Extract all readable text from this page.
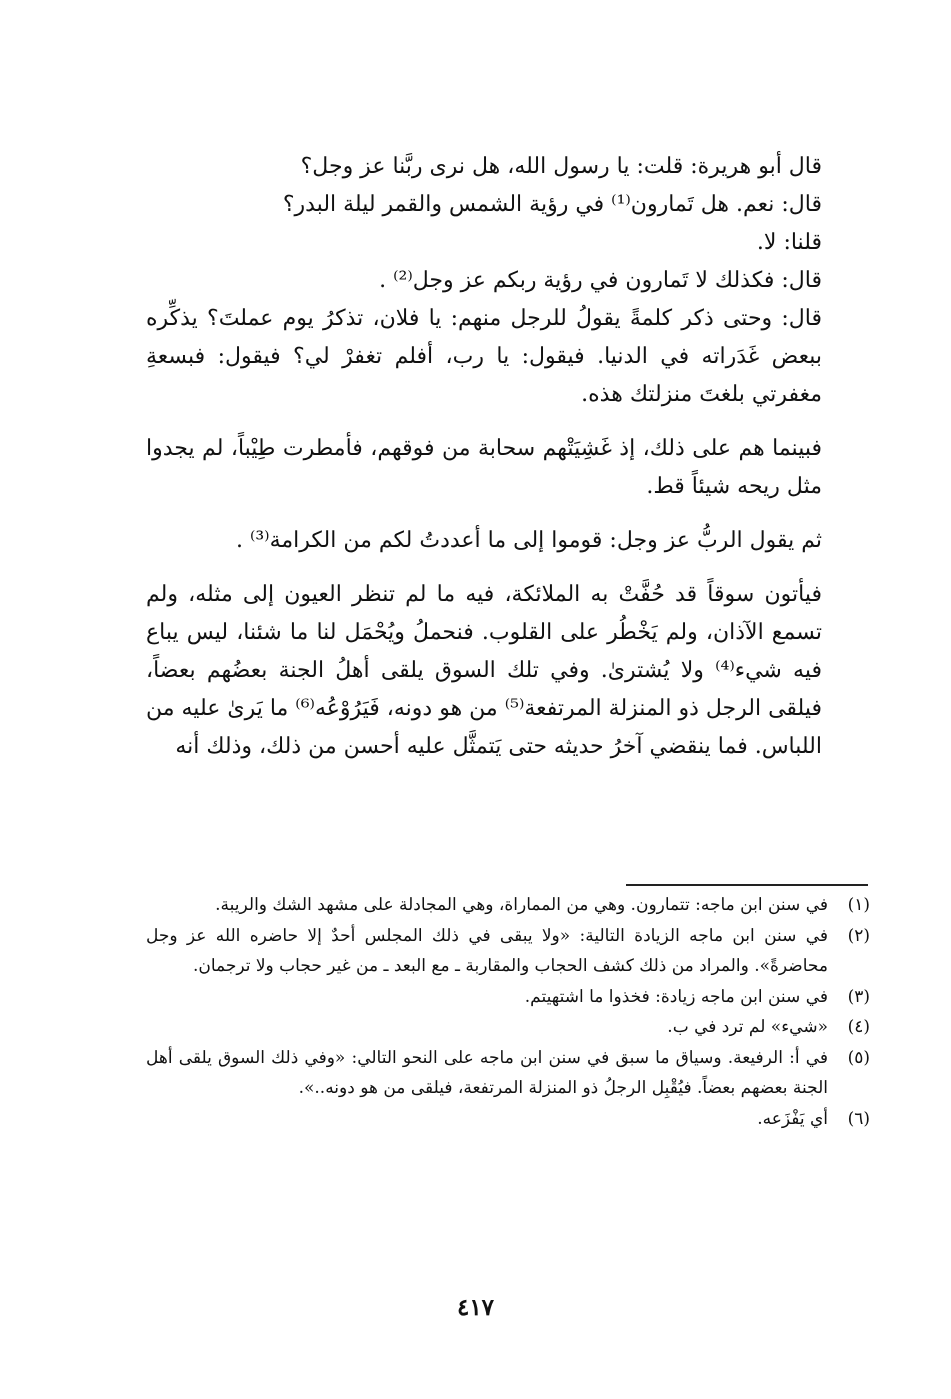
قال أبو هريرة: قلت: يا رسول الله، هل نرى ربَّنا عز وجل؟

قال: نعم. هل تَمارون⁽¹⁾ في رؤية الشمس والقمر ليلة البدر؟

قلنا: لا.

قال: فكذلك لا تَمارون في رؤية ربكم عز وجل⁽²⁾ .

قال: وحتى ذكر كلمةً يقولُ للرجل منهم: يا فلان، تذكرُ يوم عملتَ؟ يذكِّره ببعض غَدَراته في الدنيا. فيقول: يا رب، أفلم تغفرْ لي؟ فيقول: فبسعةِ مغفرتي بلغتَ منزلتك هذه.

فبينما هم على ذلك، إذ غَشِيَتْهم سحابة من فوقهم، فأمطرت طِيْباً، لم يجدوا مثل ريحه شيئاً قط.

ثم يقول الربُّ عز وجل: قوموا إلى ما أعددتُ لكم من الكرامة⁽³⁾ .

فيأتون سوقاً قد حُفَّتْ به الملائكة، فيه ما لم تنظر العيون إلى مثله، ولم تسمع الآذان، ولم يَخْطُر على القلوب. فنحملُ ويُحْمَل لنا ما شئنا، ليس يباع فيه شيء⁽⁴⁾ ولا يُشترىٰ. وفي تلك السوق يلقى أهلُ الجنة بعضُهم بعضاً، فيلقى الرجل ذو المنزلة المرتفعة⁽⁵⁾ من هو دونه، فَيَرُوْعُه⁽⁶⁾ ما يَرىٰ عليه من اللباس. فما ينقضي آخرُ حديثه حتى يَتمثَّل عليه أحسن من ذلك، وذلك أنه

(١)
في سنن ابن ماجه: تتمارون. وهي من المماراة، وهي المجادلة على مشهد الشك والريبة.
(٢)
في سنن ابن ماجه الزيادة التالية: «ولا يبقى في ذلك المجلس أحدٌ إلا حاضره الله عز وجل محاضرةً». والمراد من ذلك كشف الحجاب والمقاربة ـ مع البعد ـ من غير حجاب ولا ترجمان.
(٣)
في سنن ابن ماجه زيادة: فخذوا ما اشتهيتم.
(٤)
«شيء» لم ترد في ب.
(٥)
في أ: الرفيعة. وسياق ما سبق في سنن ابن ماجه على النحو التالي: «وفي ذلك السوق يلقى أهل الجنة بعضهم بعضاً. فيُقْبِل الرجلُ ذو المنزلة المرتفعة، فيلقى من هو دونه..».
(٦)
أي يَفْزَعه.
٤١٧
